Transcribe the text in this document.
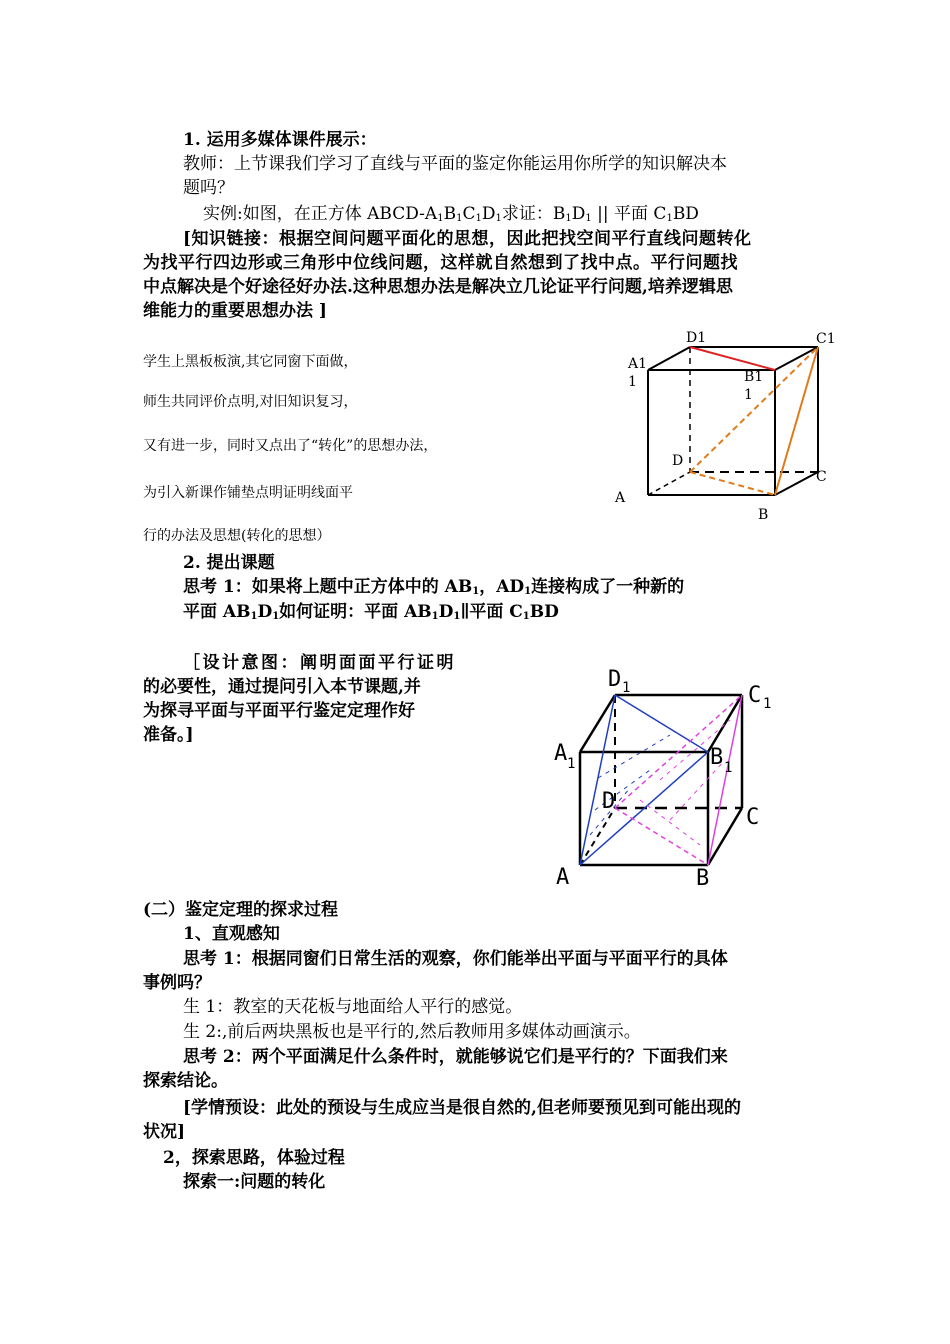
1. 运用多媒体课件展示：
教师：上节课我们学习了直线与平面的鉴定你能运用你所学的知识解决本
题吗？
实例:如图，在正方体 ABCD-$A_1B_1C_1D_1$求证：$B_1D_1$ || 平面 $C_1BD$
[知识链接：根据空间问题平面化的思想，因此把找空间平行直线问题转化
为找平行四边形或三角形中位线问题，这样就自然想到了找中点。平行问题找
中点解决是个好途径好办法.这种思想办法是解决立几论证平行问题,培养逻辑思
维能力的重要思想办法 ]
学生上黑板板演,其它同窗下面做，
师生共同评价点明,对旧知识复习，
又有进一步，同时又点出了“转化”的思想办法，
为引入新课作铺垫点明证明线面平
行的办法及思想(转化的思想）
D1	C1
A1
1	B1
1
D
C
A
B
2. 提出课题
思考 1：如果将上题中正方体中的 $AB_1$，$AD_1$连接构成了一种新的
平面 $AB_1D_1$如何证明：平面 $AB_1D_1\parallel$平面 $C_1BD$
［设计意图：阐明面面平行证明
的必要性，通过提问引入本节课题,并
为探寻平面与平面平行鉴定定理作好
准备。]
D 1	C 1
A 1	B 1
D
C
A	B
(二）鉴定定理的探求过程
1、直观感知
思考 1：根据同窗们日常生活的观察，你们能举出平面与平面平行的具体
事例吗？
生 1：教室的天花板与地面给人平行的感觉。
生 2:,前后两块黑板也是平行的,然后教师用多媒体动画演示。
思考 2：两个平面满足什么条件时，就能够说它们是平行的？下面我们来
探索结论。
[学情预设：此处的预设与生成应当是很自然的,但老师要预见到可能出现的
状况]
2，探索思路，体验过程
探索一:问题的转化
